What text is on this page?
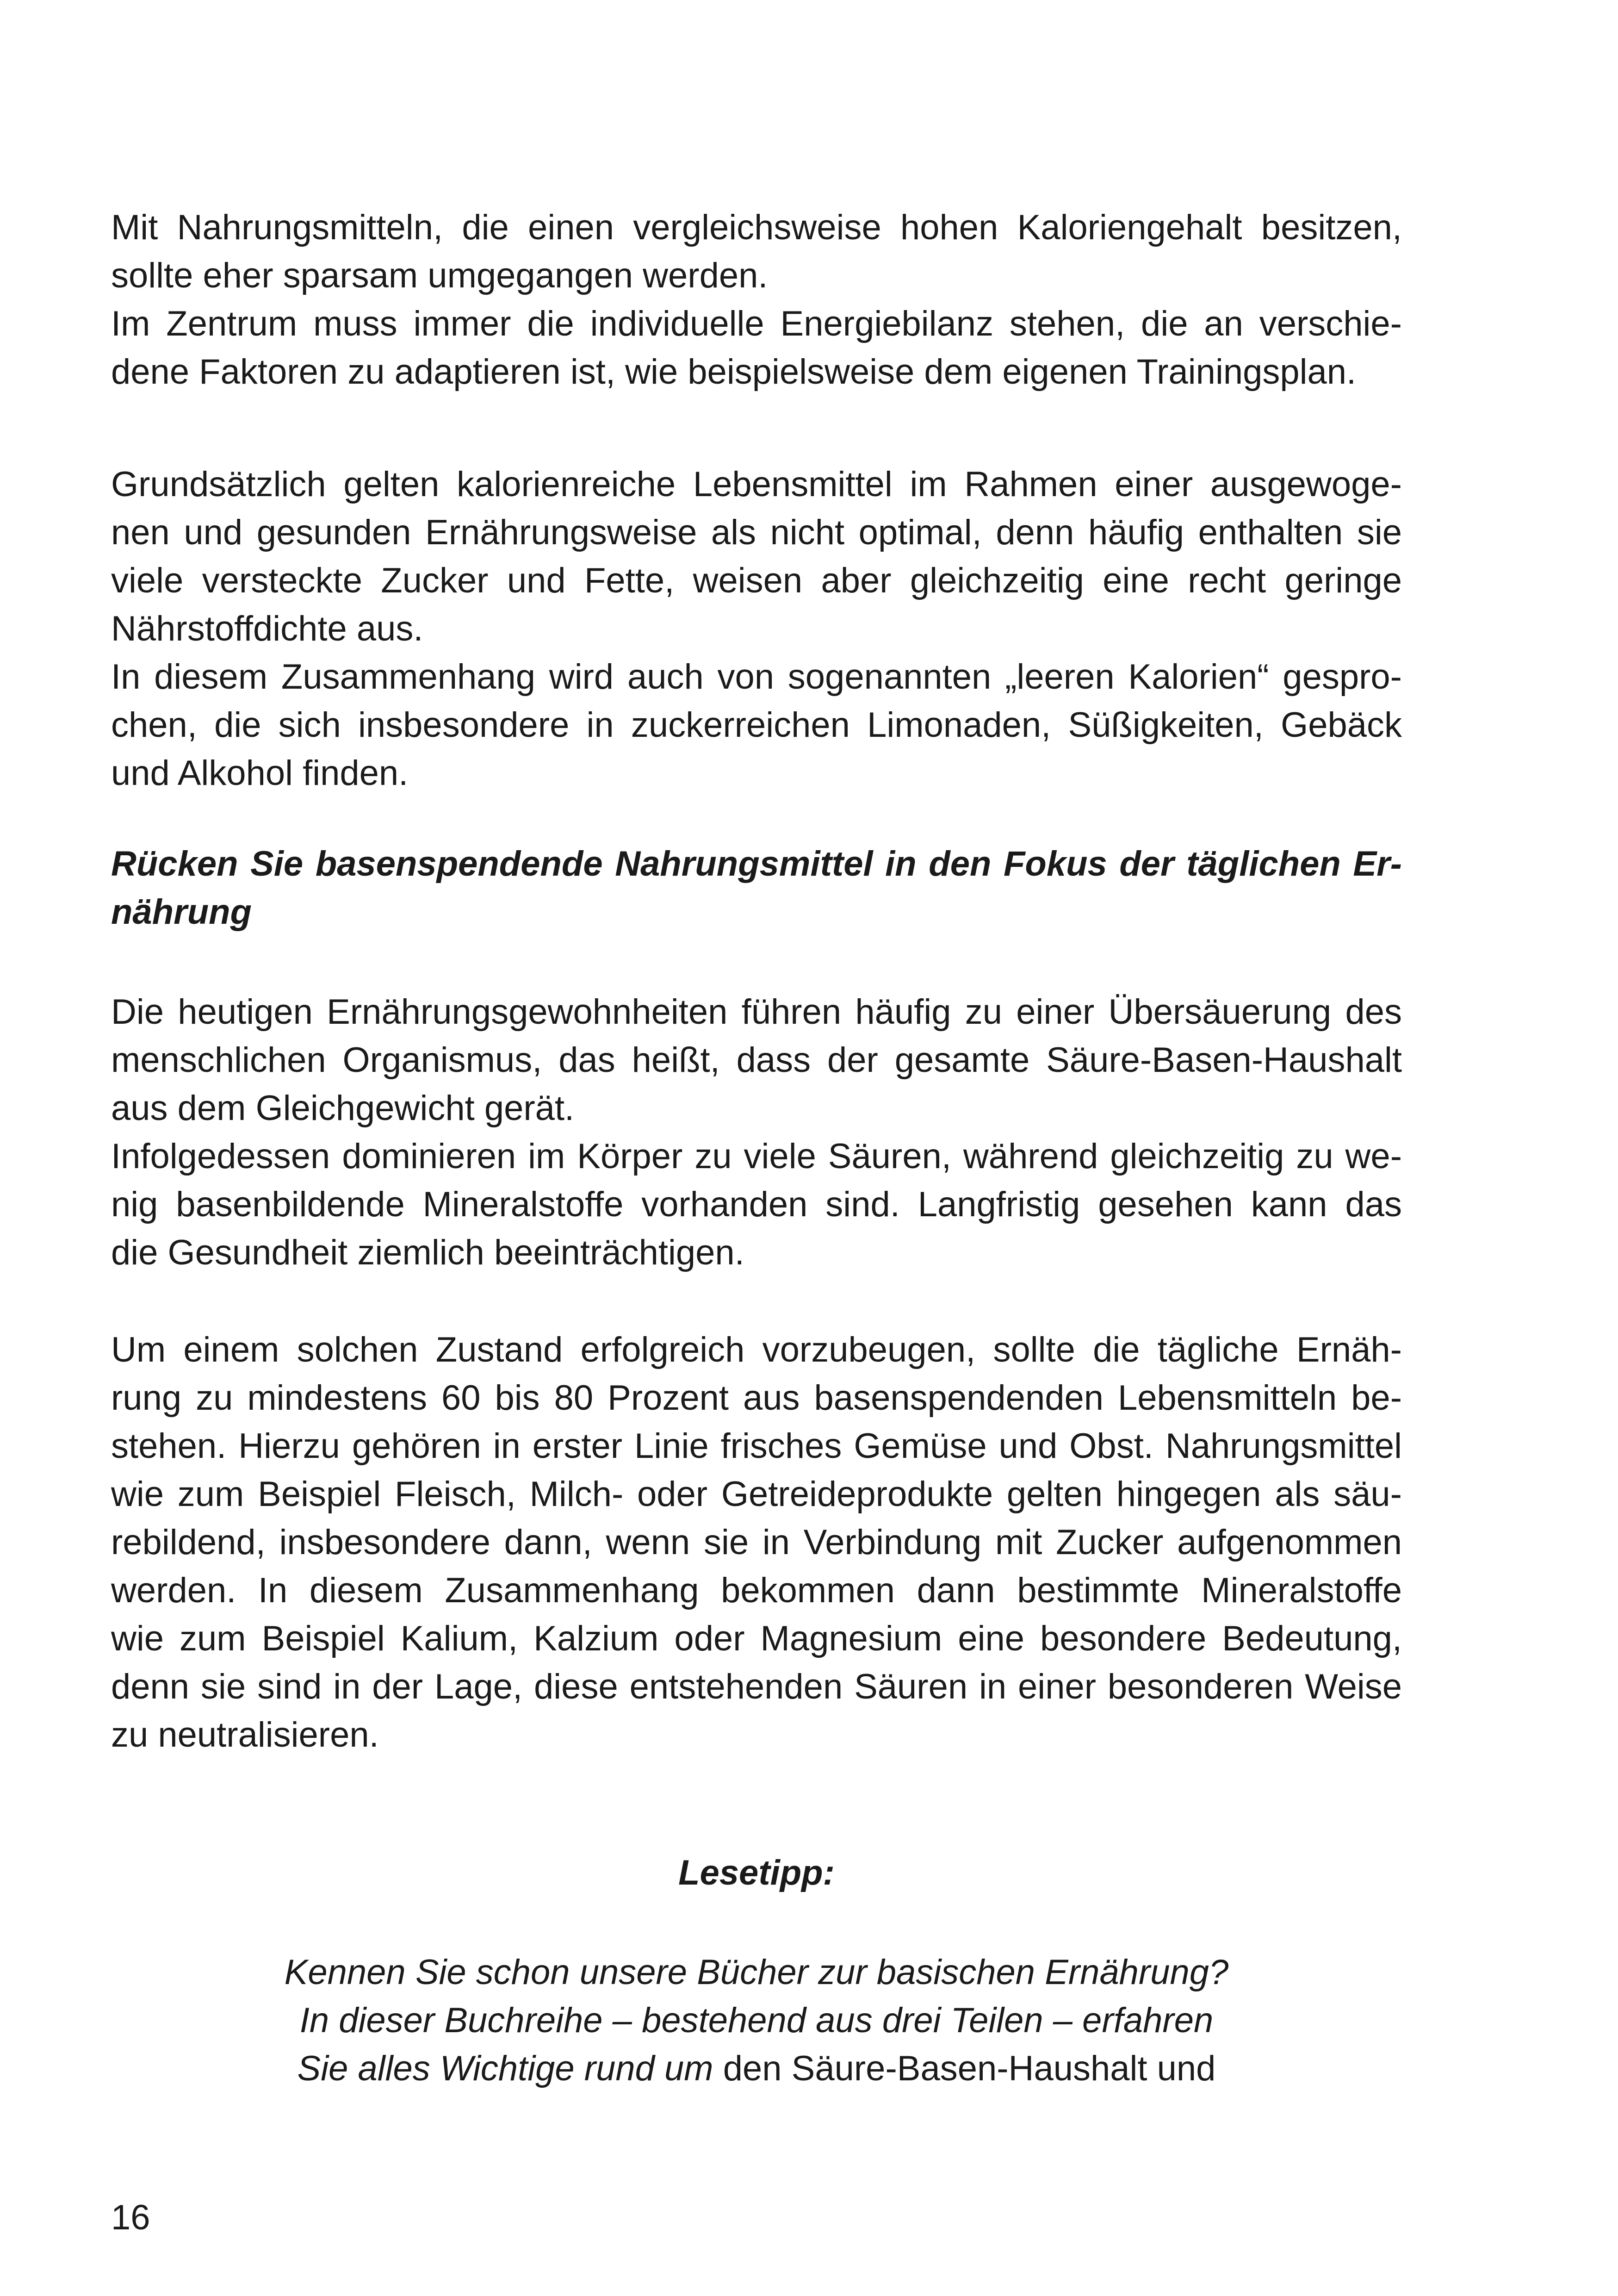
Mit Nahrungsmitteln, die einen vergleichsweise hohen Kaloriengehalt besitzen,
sollte eher sparsam umgegangen werden.
Im Zentrum muss immer die individuelle Energiebilanz stehen, die an verschie-
dene Faktoren zu adaptieren ist, wie beispielsweise dem eigenen Trainingsplan.
Grundsätzlich gelten kalorienreiche Lebensmittel im Rahmen einer ausgewoge-
nen und gesunden Ernährungsweise als nicht optimal, denn häufig enthalten sie
viele versteckte Zucker und Fette, weisen aber gleichzeitig eine recht geringe
Nährstoffdichte aus.
In diesem Zusammenhang wird auch von sogenannten „leeren Kalorien“ gespro-
chen, die sich insbesondere in zuckerreichen Limonaden, Süßigkeiten, Gebäck
und Alkohol finden.
Rücken Sie basenspendende Nahrungsmittel in den Fokus der täglichen Er-
nährung
Die heutigen Ernährungsgewohnheiten führen häufig zu einer Übersäuerung des
menschlichen Organismus, das heißt, dass der gesamte Säure-Basen-Haushalt
aus dem Gleichgewicht gerät.
Infolgedessen dominieren im Körper zu viele Säuren, während gleichzeitig zu we-
nig basenbildende Mineralstoffe vorhanden sind. Langfristig gesehen kann das
die Gesundheit ziemlich beeinträchtigen.
Um einem solchen Zustand erfolgreich vorzubeugen, sollte die tägliche Ernäh-
rung zu mindestens 60 bis 80 Prozent aus basenspendenden Lebensmitteln be-
stehen. Hierzu gehören in erster Linie frisches Gemüse und Obst. Nahrungsmittel
wie zum Beispiel Fleisch, Milch- oder Getreideprodukte gelten hingegen als säu-
rebildend, insbesondere dann, wenn sie in Verbindung mit Zucker aufgenommen
werden. In diesem Zusammenhang bekommen dann bestimmte Mineralstoffe
wie zum Beispiel Kalium, Kalzium oder Magnesium eine besondere Bedeutung,
denn sie sind in der Lage, diese entstehenden Säuren in einer besonderen Weise
zu neutralisieren.
Lesetipp:
Kennen Sie schon unsere Bücher zur basischen Ernährung?
In dieser Buchreihe – bestehend aus drei Teilen – erfahren
Sie alles Wichtige rund um den Säure-Basen-Haushalt und
16
